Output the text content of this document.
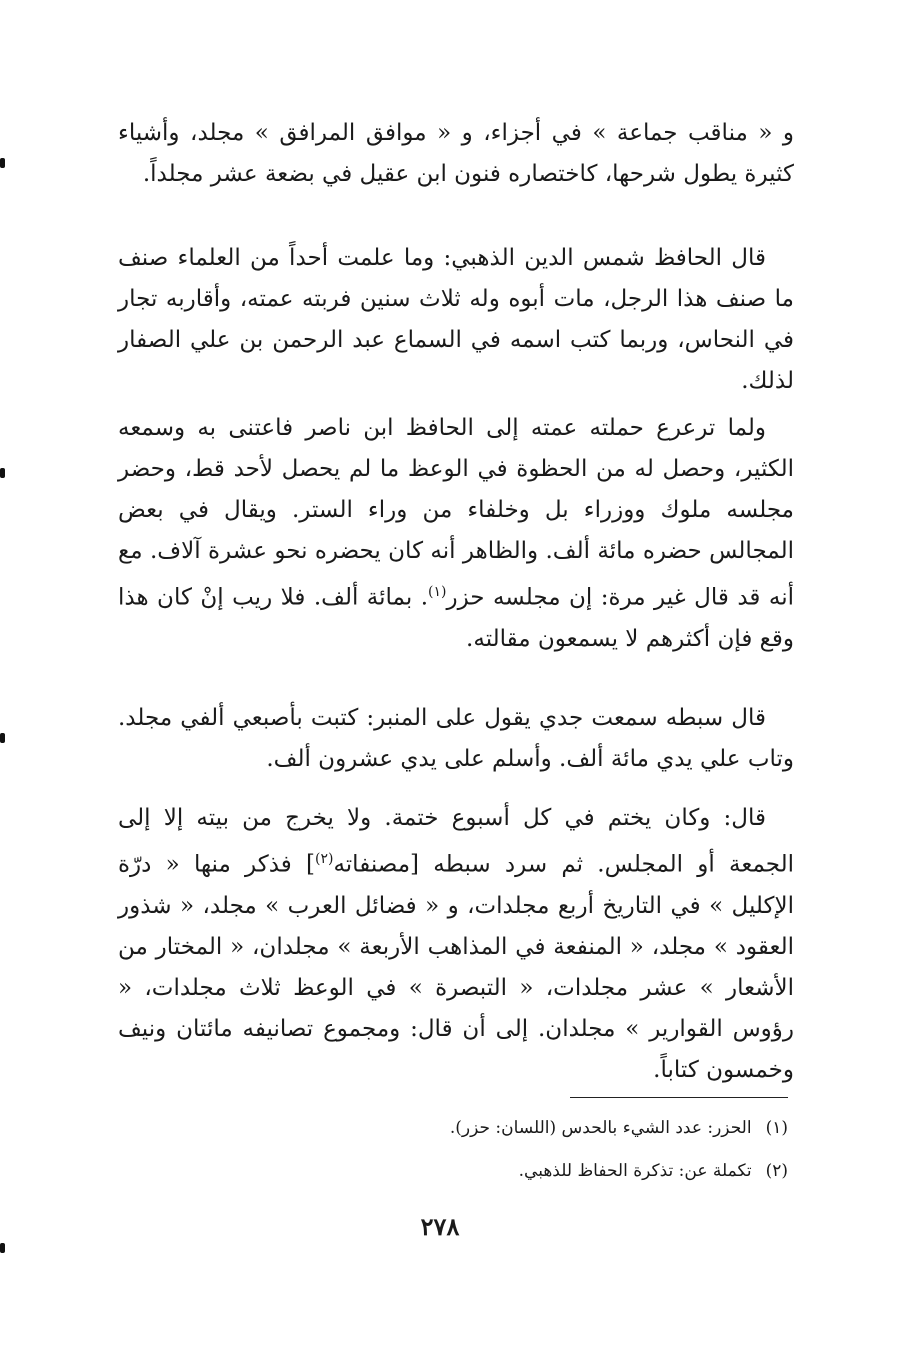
و « مناقب جماعة » في أجزاء، و « موافق المرافق » مجلد، وأشياء كثيرة يطول شرحها، كاختصاره فنون ابن عقيل في بضعة عشر مجلداً.

قال الحافظ شمس الدين الذهبي: وما علمت أحداً من العلماء صنف ما صنف هذا الرجل، مات أبوه وله ثلاث سنين فربته عمته، وأقاربه تجار في النحاس، وربما كتب اسمه في السماع عبد الرحمن بن علي الصفار لذلك.

ولما ترعرع حملته عمته إلى الحافظ ابن ناصر فاعتنى به وسمعه الكثير، وحصل له من الحظوة في الوعظ ما لم يحصل لأحد قط، وحضر مجلسه ملوك ووزراء بل وخلفاء من وراء الستر. ويقال في بعض المجالس حضره مائة ألف. والظاهر أنه كان يحضره نحو عشرة آلاف. مع أنه قد قال غير مرة: إن مجلسه حزر$^{(١)}$. بمائة ألف. فلا ريب إنْ كان هذا وقع فإن أكثرهم لا يسمعون مقالته.

قال سبطه سمعت جدي يقول على المنبر: كتبت بأصبعي ألفي مجلد. وتاب علي يدي مائة ألف. وأسلم على يدي عشرون ألف.

قال: وكان يختم في كل أسبوع ختمة. ولا يخرج من بيته إلا إلى الجمعة أو المجلس. ثم سرد سبطه [مصنفاته$^{(٢)}$] فذكر منها « درّة الإكليل » في التاريخ أربع مجلدات، و « فضائل العرب » مجلد، « شذور العقود » مجلد، « المنفعة في المذاهب الأربعة » مجلدان، « المختار من الأشعار » عشر مجلدات، « التبصرة » في الوعظ ثلاث مجلدات، « رؤوس القوارير » مجلدان. إلى أن قال: ومجموع تصانيفه مائتان ونيف وخمسون كتاباً.

(١)الحزر: عدد الشيء بالحدس (اللسان: حزر).
(٢)تكملة عن: تذكرة الحفاظ للذهبي.
٢٧٨
